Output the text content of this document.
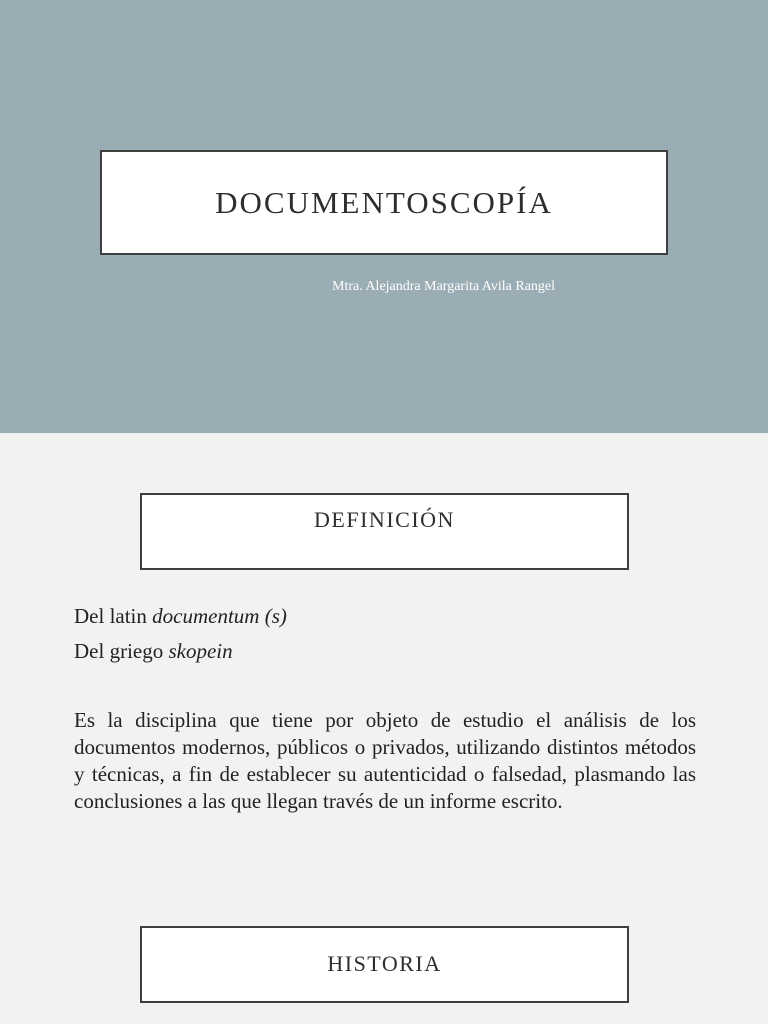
DOCUMENTOSCOPÍA
Mtra. Alejandra Margarita Avila Rangel
DEFINICIÓN
Del latin documentum (s)
Del griego skopein

Es la disciplina que tiene por objeto de estudio el análisis de los documentos modernos, públicos o privados, utilizando distintos métodos y técnicas, a fin de establecer su autenticidad o falsedad, plasmando las conclusiones a las que llegan través de un informe escrito.

HISTORIA
